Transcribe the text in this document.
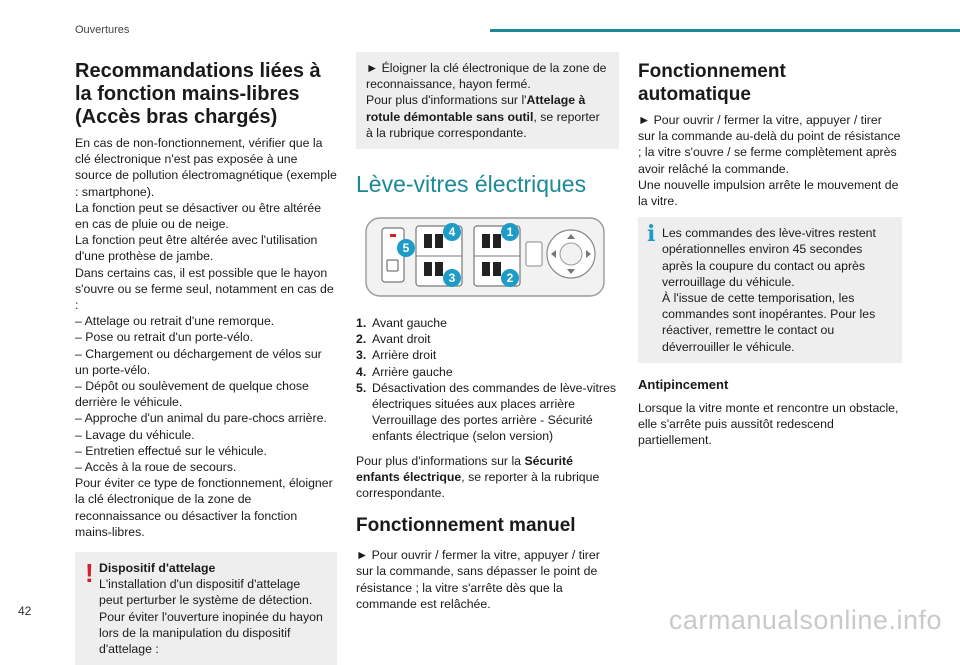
Ouvertures
Recommandations liées à la fonction mains-libres (Accès bras chargés)

En cas de non-fonctionnement, vérifier que la clé électronique n'est pas exposée à une source de pollution électromagnétique (exemple : smartphone).

La fonction peut se désactiver ou être altérée en cas de pluie ou de neige.

La fonction peut être altérée avec l'utilisation d'une prothèse de jambe.

Dans certains cas, il est possible que le hayon s'ouvre ou se ferme seul, notamment en cas de :

– Attelage ou retrait d'une remorque.

– Pose ou retrait d'un porte-vélo.

– Chargement ou déchargement de vélos sur un porte-vélo.

– Dépôt ou soulèvement de quelque chose derrière le véhicule.

– Approche d'un animal du pare-chocs arrière.

– Lavage du véhicule.

– Entretien effectué sur le véhicule.

– Accès à la roue de secours.

Pour éviter ce type de fonctionnement, éloigner la clé électronique de la zone de reconnaissance ou désactiver la fonction mains-libres.

! Dispositif d'attelage

L'installation d'un dispositif d'attelage peut perturber le système de détection.

Pour éviter l'ouverture inopinée du hayon lors de la manipulation du dispositif d'attelage :

► Éloigner la clé électronique de la zone de reconnaissance, hayon fermé.

Pour plus d'informations sur l'Attelage à rotule démontable sans outil, se reporter à la rubrique correspondante.

Lève-vitres électriques
4
3
1
2
5
1. Avant gauche
2. Avant droit
3. Arrière droit
4. Arrière gauche
5. Désactivation des commandes de lève-vitres électriques situées aux places arrière Verrouillage des portes arrière - Sécurité enfants électrique (selon version)

Pour plus d'informations sur la Sécurité enfants électrique, se reporter à la rubrique correspondante.

Fonctionnement manuel

► Pour ouvrir / fermer la vitre, appuyer / tirer sur la commande, sans dépasser le point de résistance ; la vitre s'arrête dès que la commande est relâchée.

Fonctionnement automatique

► Pour ouvrir / fermer la vitre, appuyer / tirer sur la commande au-delà du point de résistance ; la vitre s'ouvre / se ferme complètement après avoir relâché la commande.

Une nouvelle impulsion arrête le mouvement de la vitre.

i Les commandes des lève-vitres restent opérationnelles environ 45 secondes après la coupure du contact ou après verrouillage du véhicule.

À l'issue de cette temporisation, les commandes sont inopérantes. Pour les réactiver, remettre le contact ou déverrouiller le véhicule.

Antipincement

Lorsque la vitre monte et rencontre un obstacle, elle s'arrête puis aussitôt redescend partiellement.

42	carmanualsonline.info
